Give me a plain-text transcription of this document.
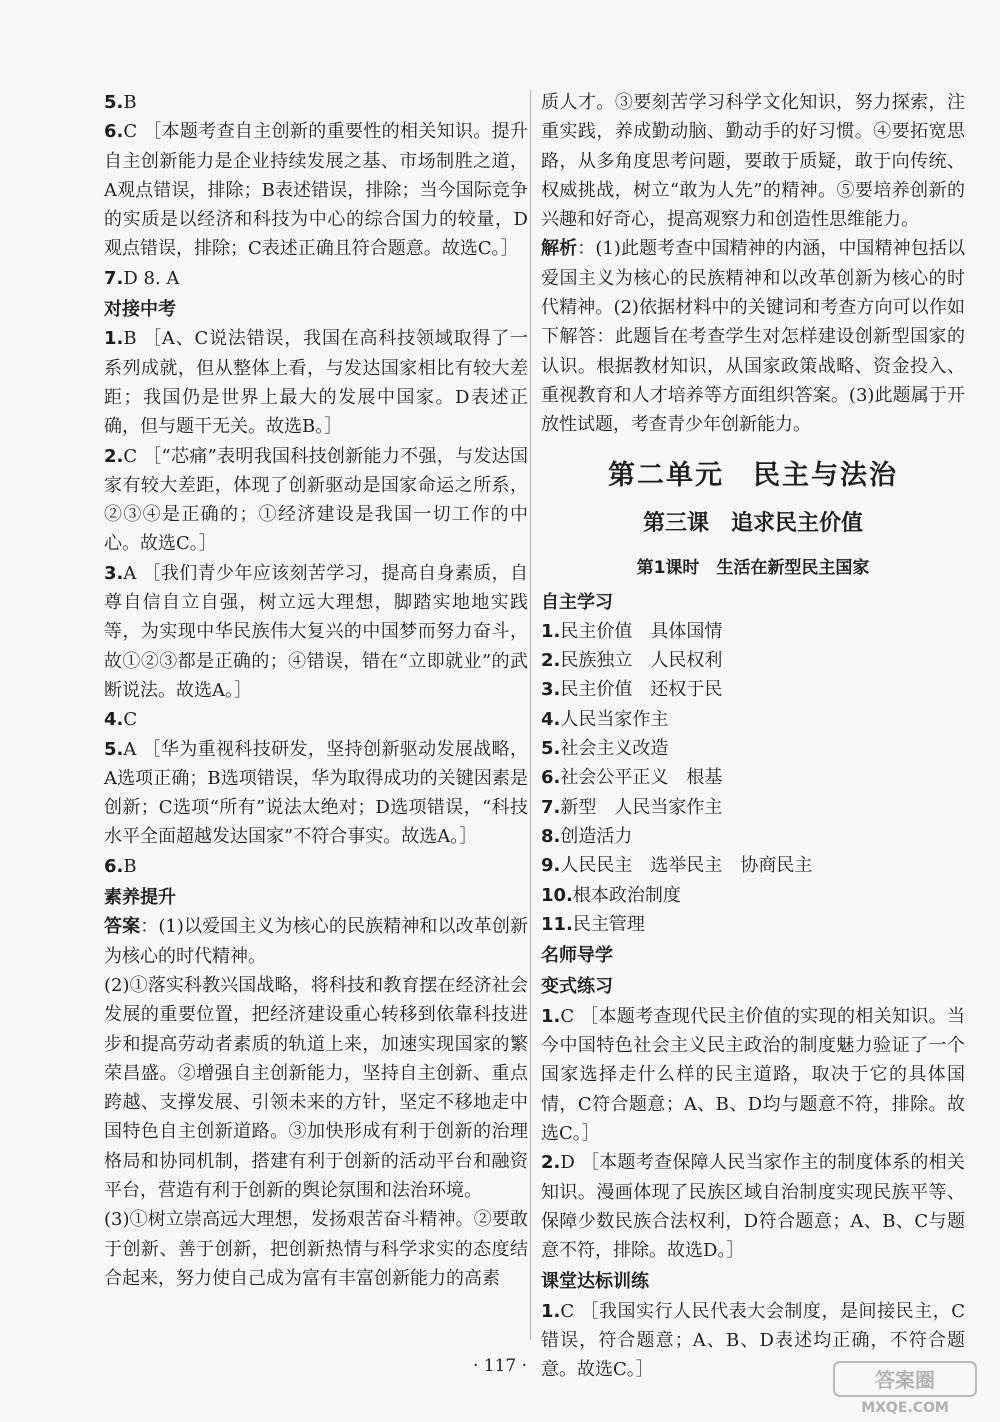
5.B

6.C ［本题考查自主创新的重要性的相关知识。提升自主创新能力是企业持续发展之基、市场制胜之道，A观点错误，排除；B表述错误，排除；当今国际竞争的实质是以经济和科技为中心的综合国力的较量，D观点错误，排除；C表述正确且符合题意。故选C。］

7.D 8. A

对接中考

1.B ［A、C说法错误，我国在高科技领域取得了一系列成就，但从整体上看，与发达国家相比有较大差距；我国仍是世界上最大的发展中国家。D表述正确，但与题干无关。故选B。］

2.C ［“芯痛”表明我国科技创新能力不强，与发达国家有较大差距，体现了创新驱动是国家命运之所系，②③④是正确的；①经济建设是我国一切工作的中心。故选C。］

3.A ［我们青少年应该刻苦学习，提高自身素质，自尊自信自立自强，树立远大理想，脚踏实地地实践等，为实现中华民族伟大复兴的中国梦而努力奋斗，故①②③都是正确的；④错误，错在“立即就业”的武断说法。故选A。］

4.C

5.A ［华为重视科技研发，坚持创新驱动发展战略，A选项正确；B选项错误，华为取得成功的关键因素是创新；C选项“所有”说法太绝对；D选项错误，“科技水平全面超越发达国家”不符合事实。故选A。］

6.B

素养提升

答案：(1)以爱国主义为核心的民族精神和以改革创新为核心的时代精神。

(2)①落实科教兴国战略，将科技和教育摆在经济社会发展的重要位置，把经济建设重心转移到依靠科技进步和提高劳动者素质的轨道上来，加速实现国家的繁荣昌盛。②增强自主创新能力，坚持自主创新、重点跨越、支撑发展、引领未来的方针，坚定不移地走中国特色自主创新道路。③加快形成有利于创新的治理格局和协同机制，搭建有利于创新的活动平台和融资平台，营造有利于创新的舆论氛围和法治环境。

(3)①树立崇高远大理想，发扬艰苦奋斗精神。②要敢于创新、善于创新，把创新热情与科学求实的态度结合起来，努力使自己成为富有丰富创新能力的高素

质人才。③要刻苦学习科学文化知识，努力探索，注重实践，养成勤动脑、勤动手的好习惯。④要拓宽思路，从多角度思考问题，要敢于质疑，敢于向传统、权威挑战，树立“敢为人先”的精神。⑤要培养创新的兴趣和好奇心，提高观察力和创造性思维能力。

解析：(1)此题考查中国精神的内涵，中国精神包括以爱国主义为核心的民族精神和以改革创新为核心的时代精神。(2)依据材料中的关键词和考查方向可以作如下解答：此题旨在考查学生对怎样建设创新型国家的认识。根据教材知识，从国家政策战略、资金投入、重视教育和人才培养等方面组织答案。(3)此题属于开放性试题，考查青少年创新能力。

第二单元　民主与法治
第三课　追求民主价值
第1课时　生活在新型民主国家
自主学习

1.民主价值　具体国情

2.民族独立　人民权利

3.民主价值　还权于民

4.人民当家作主

5.社会主义改造

6.社会公平正义　根基

7.新型　人民当家作主

8.创造活力

9.人民民主　选举民主　协商民主

10.根本政治制度

11.民主管理

名师导学
变式练习

1.C ［本题考查现代民主价值的实现的相关知识。当今中国特色社会主义民主政治的制度魅力验证了一个国家选择走什么样的民主道路，取决于它的具体国情，C符合题意；A、B、D均与题意不符，排除。故选C。］

2.D ［本题考查保障人民当家作主的制度体系的相关知识。漫画体现了民族区域自治制度实现民族平等、保障少数民族合法权利，D符合题意；A、B、C与题意不符，排除。故选D。］

课堂达标训练

1.C ［我国实行人民代表大会制度，是间接民主，C错误，符合题意；A、B、D表述均正确，不符合题意。故选C。］

· 117 ·
答案圈
MXQE.COM
